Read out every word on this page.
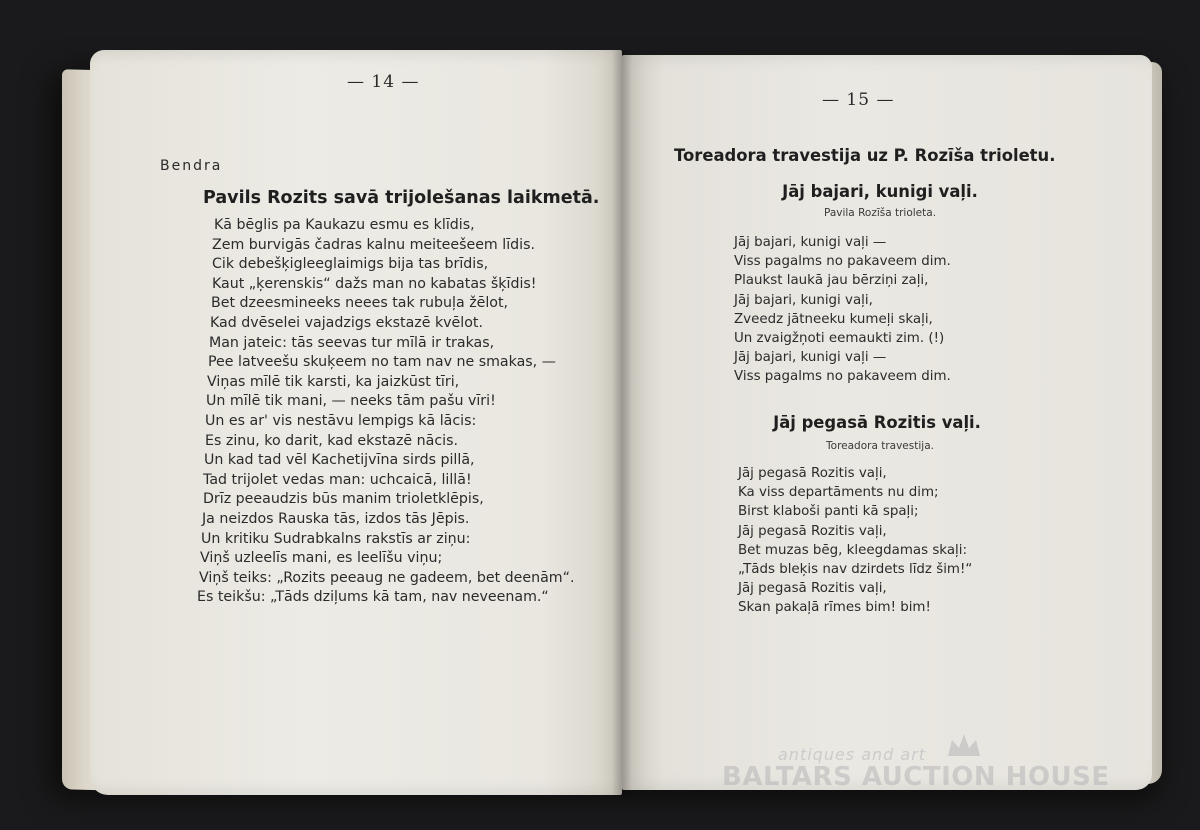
— 14 —
Bendra
Pavils Rozits savā trijolešanas laikmetā.
Kā bēglis pa Kaukazu esmu es klīdis,
Zem burvigās čadras kalnu meiteešeem līdis.
Cik debešķigleeglaimigs bija tas brīdis,
Kaut „ķerenskis“ dažs man no kabatas šķīdis!
Bet dzeesmineeks neees tak rubuļa žēlot,
Kad dvēselei vajadzigs ekstazē kvēlot.
Man jateic: tās seevas tur mīlā ir trakas,
Pee latveešu skuķeem no tam nav ne smakas, —
Viņas mīlē tik karsti, ka jaizkūst tīri,
Un mīlē tik mani, — neeks tām pašu vīri!
Un es ar' vis nestāvu lempigs kā lācis:
Es zinu, ko darit, kad ekstazē nācis.
Un kad tad vēl Kachetijvīna sirds pillā,
Tad trijolet vedas man: uchcaicā, lillā!
Drīz peeaudzis būs manim trioletklēpis,
Ja neizdos Rauska tās, izdos tās Jēpis.
Un kritiku Sudrabkalns rakstīs ar ziņu:
Viņš uzleelīs mani, es leelīšu viņu;
Viņš teiks: „Rozits peeaug ne gadeem, bet deenām“.
Es teikšu: „Tāds dziļums kā tam, nav neveenam.“
— 15 —
Toreadora travestija uz P. Rozīša trioletu.
Jāj bajari, kunigi vaļi.
Pavila Rozīša trioleta.
Jāj bajari, kunigi vaļi —
Viss pagalms no pakaveem dim.
Plaukst laukā jau bērziņi zaļi,
Jāj bajari, kunigi vaļi,
Zveedz jātneeku kumeļi skaļi,
Un zvaigžņoti eemaukti zim. (!)
Jāj bajari, kunigi vaļi —
Viss pagalms no pakaveem dim.
Jāj pegasā Rozitis vaļi.
Toreadora travestija.
Jāj pegasā Rozitis vaļi,
Ka viss departāments nu dim;
Birst klaboši panti kā spaļi;
Jāj pegasā Rozitis vaļi,
Bet muzas bēg, kleegdamas skaļi:
„Tāds bleķis nav dzirdets līdz šim!“
Jāj pegasā Rozitis vaļi,
Skan pakaļā rīmes bim! bim!
antiques and art
BALTARS AUCTION HOUSE
